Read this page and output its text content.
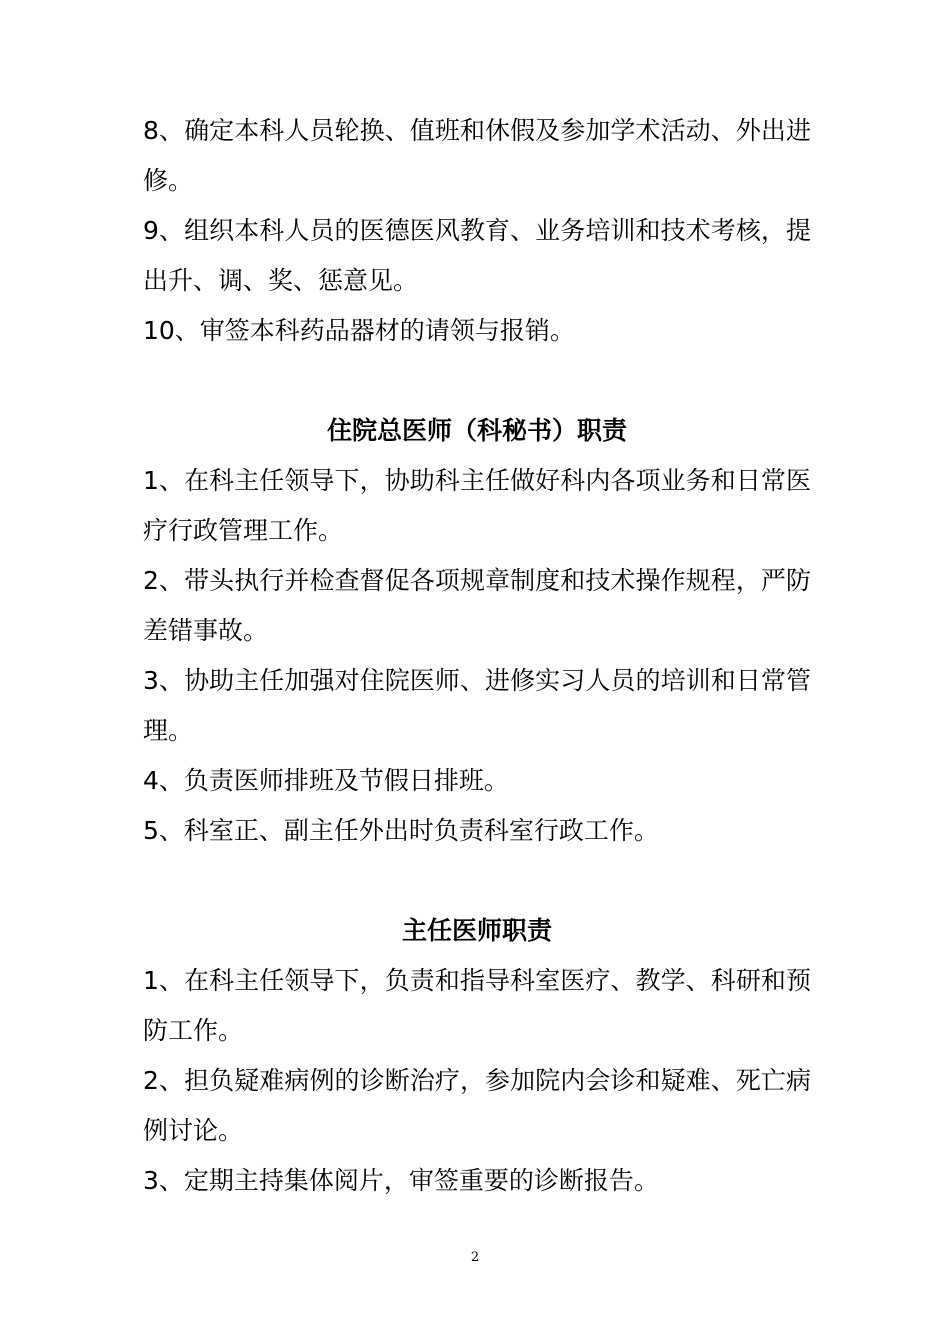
8、确定本科人员轮换、值班和休假及参加学术活动、外出进修。

9、组织本科人员的医德医风教育、业务培训和技术考核，提出升、调、奖、惩意见。

10、审签本科药品器材的请领与报销。

住院总医师（科秘书）职责

1、在科主任领导下，协助科主任做好科内各项业务和日常医疗行政管理工作。

2、带头执行并检查督促各项规章制度和技术操作规程，严防差错事故。

3、协助主任加强对住院医师、进修实习人员的培训和日常管理。

4、负责医师排班及节假日排班。

5、科室正、副主任外出时负责科室行政工作。

主任医师职责

1、在科主任领导下，负责和指导科室医疗、教学、科研和预防工作。

2、担负疑难病例的诊断治疗，参加院内会诊和疑难、死亡病例讨论。

3、定期主持集体阅片，审签重要的诊断报告。

2
